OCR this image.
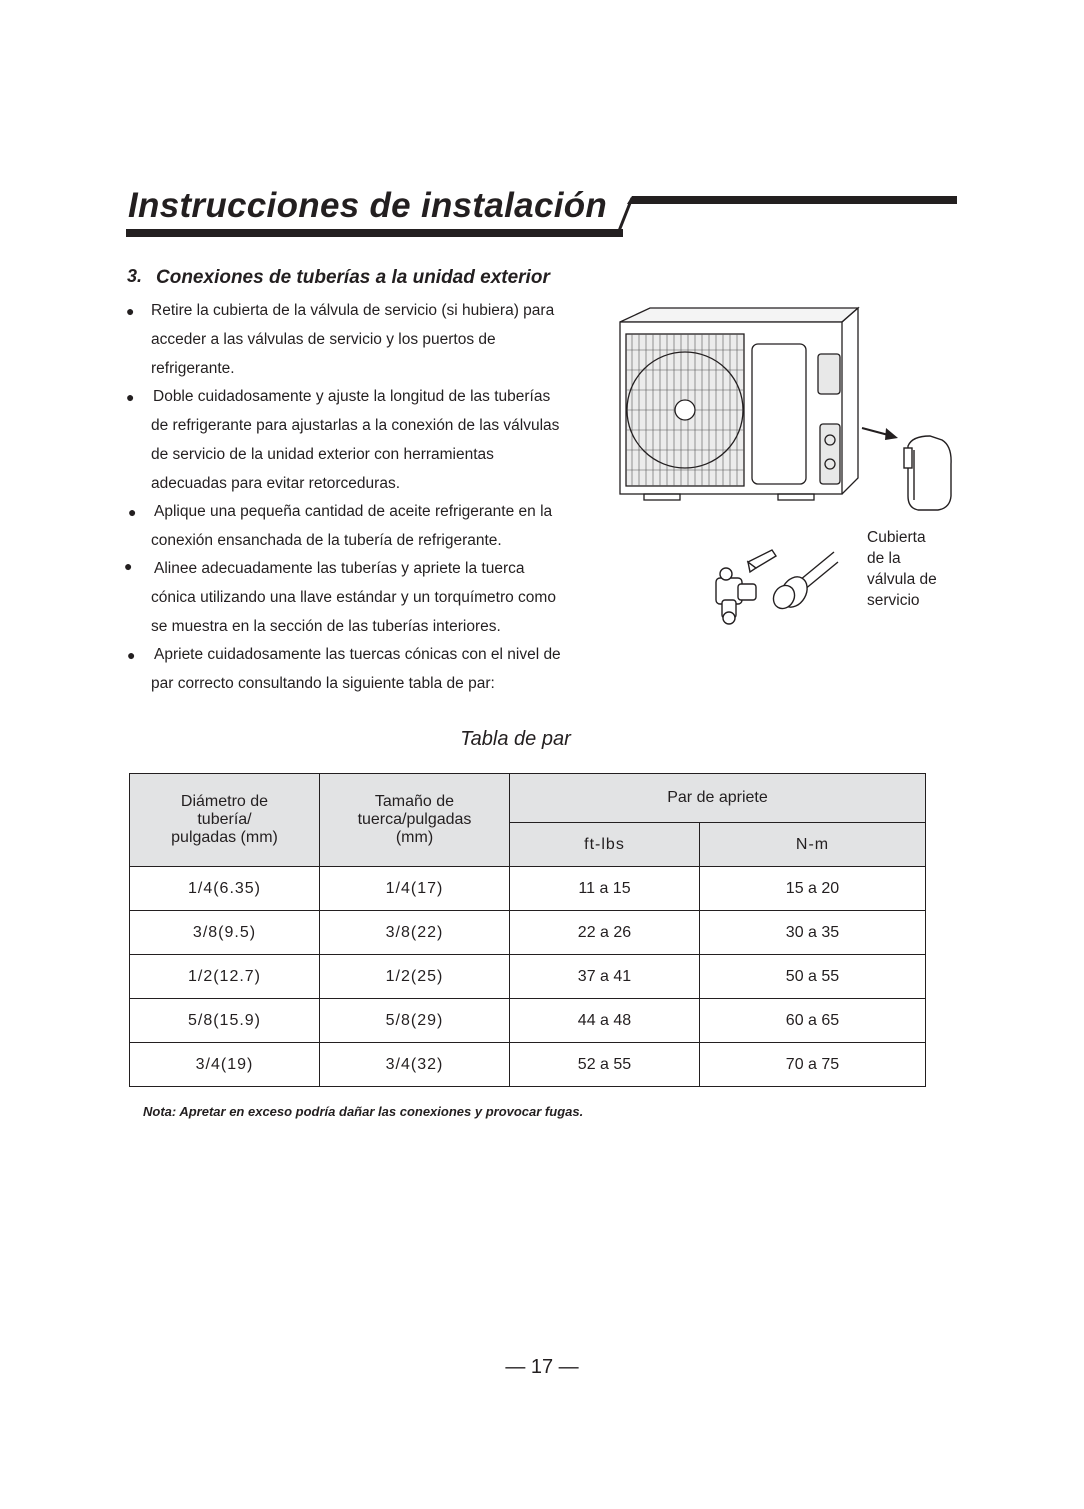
Instrucciones de instalación
3. Conexiones de tuberías a la unidad exterior
● Retire la cubierta de la válvula de servicio (si hubiera) para
acceder a las válvulas de servicio y los puertos de
refrigerante.
● Doble cuidadosamente y ajuste la longitud de las tuberías
de refrigerante para ajustarlas a la conexión de las válvulas
de servicio de la unidad exterior con herramientas
adecuadas para evitar retorceduras.
● Aplique una pequeña cantidad de aceite refrigerante en la
conexión ensanchada de la tubería de refrigerante.
● Alinee adecuadamente las tuberías y apriete la tuerca
cónica utilizando una llave estándar y un torquímetro como
se muestra en la sección de las tuberías interiores.
● Apriete cuidadosamente las tuercas cónicas con el nivel de
par correcto consultando la siguiente tabla de par:
Cubierta
de la
válvula de
servicio
Tabla de par
Diámetro de
tubería/
pulgadas (mm)	Tamaño de
tuerca/pulgadas
(mm)	Par de apriete	
		ft-lbs	N-m
1/4(6.35)	1/4(17)	11 a 15	15 a 20
3/8(9.5)	3/8(22)	22 a 26	30 a 35
1/2(12.7)	1/2(25)	37 a 41	50 a 55
5/8(15.9)	5/8(29)	44 a 48	60 a 65
3/4(19)	3/4(32)	52 a 55	70 a 75
Nota: Apretar en exceso podría dañar las conexiones y provocar fugas.
— 17 —
